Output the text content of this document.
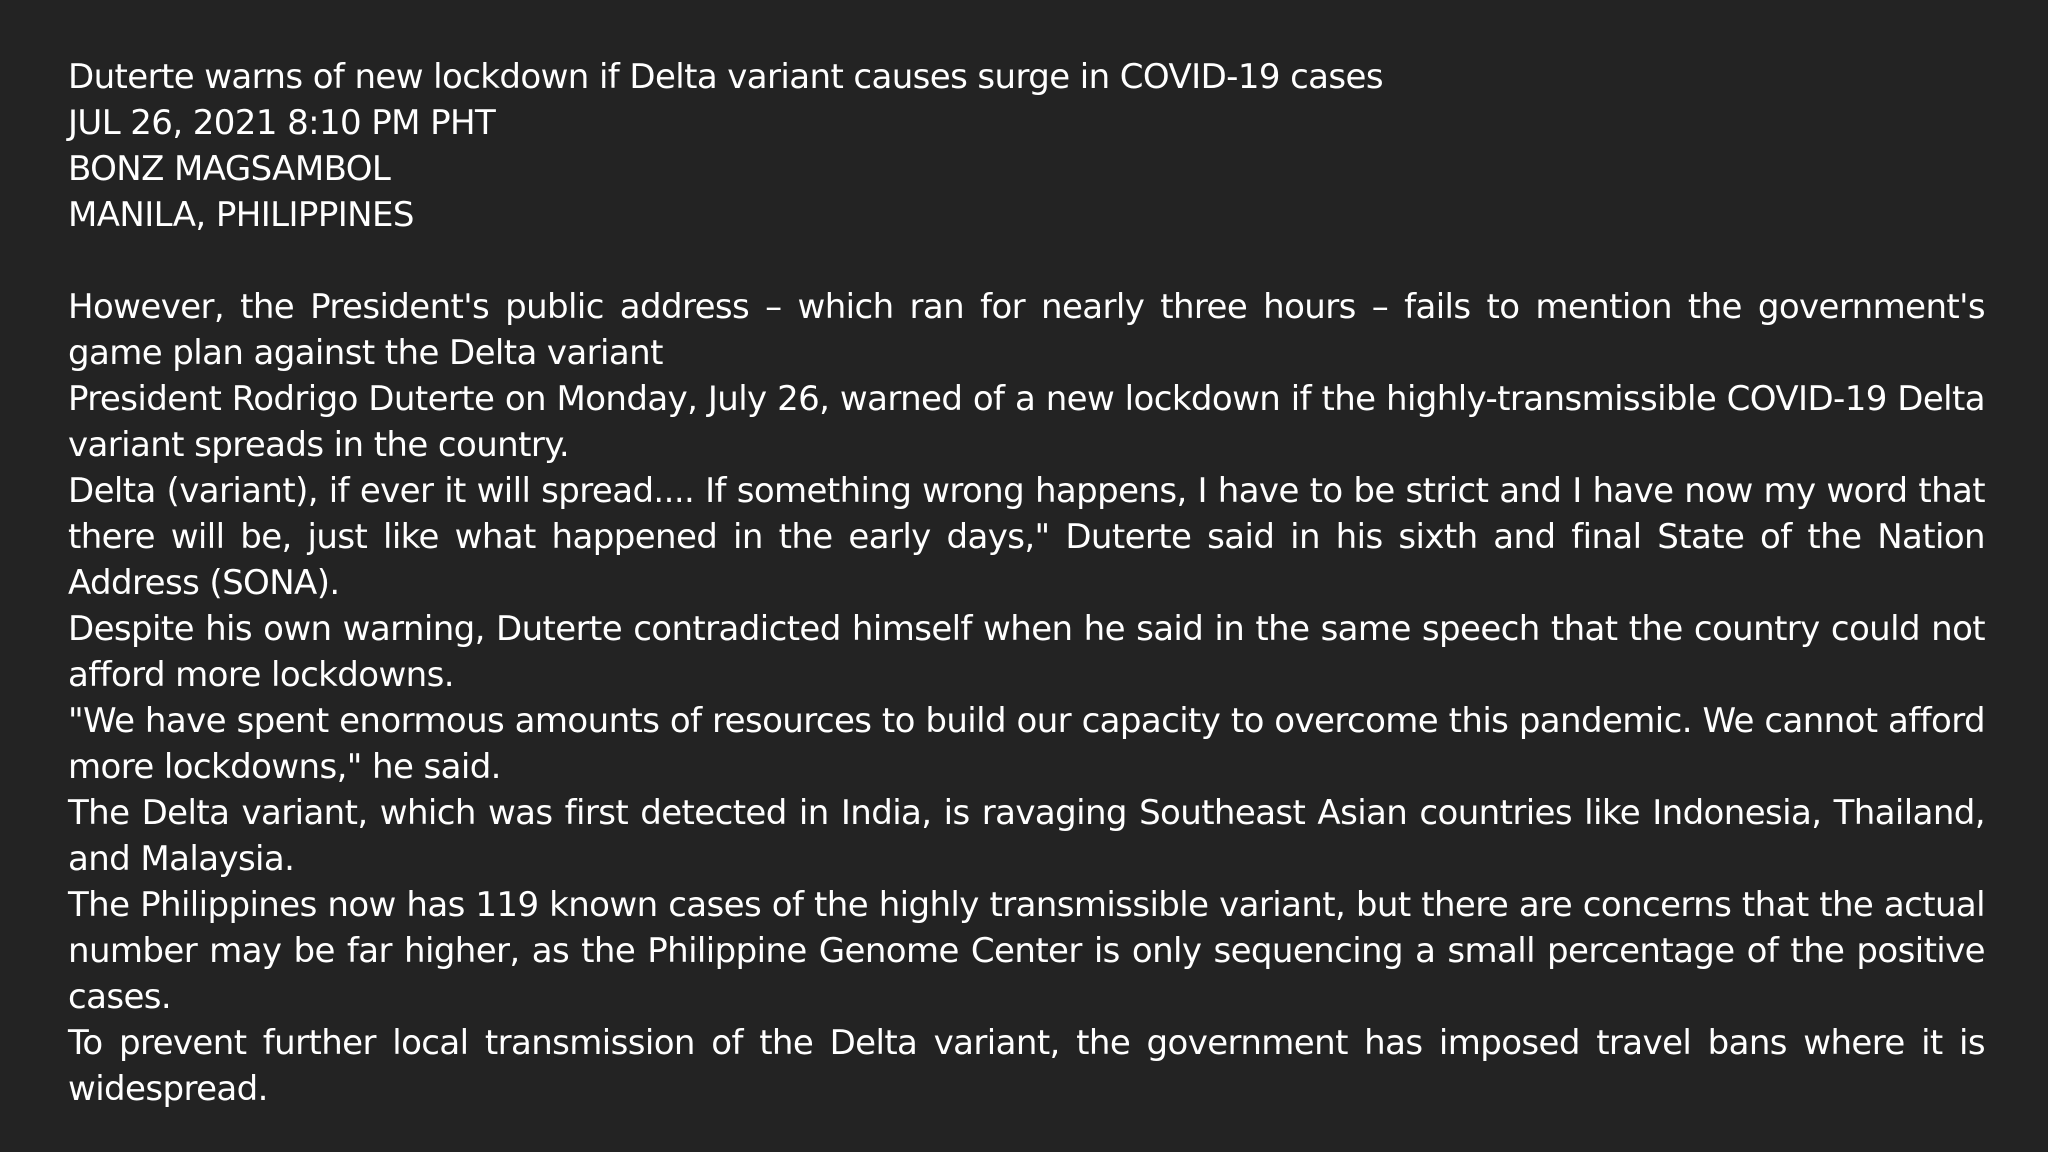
Duterte warns of new lockdown if Delta variant causes surge in COVID-19 cases
JUL 26, 2021 8:10 PM PHT
BONZ MAGSAMBOL
MANILA, PHILIPPINES
However, the President's public address – which ran for nearly three hours – fails to mention the government's game plan against the Delta variant
President Rodrigo Duterte on Monday, July 26, warned of a new lockdown if the highly-transmissible COVID-19 Delta variant spreads in the country.
Delta (variant), if ever it will spread.... If something wrong happens, I have to be strict and I have now my word that there will be, just like what happened in the early days," Duterte said in his sixth and final State of the Nation Address (SONA).
Despite his own warning, Duterte contradicted himself when he said in the same speech that the country could not afford more lockdowns.
"We have spent enormous amounts of resources to build our capacity to overcome this pandemic. We cannot afford more lockdowns," he said.
The Delta variant, which was first detected in India, is ravaging Southeast Asian countries like Indonesia, Thailand, and Malaysia.
The Philippines now has 119 known cases of the highly transmissible variant, but there are concerns that the actual number may be far higher, as the Philippine Genome Center is only sequencing a small percentage of the positive cases.
To prevent further local transmission of the Delta variant, the government has imposed travel bans where it is widespread.
